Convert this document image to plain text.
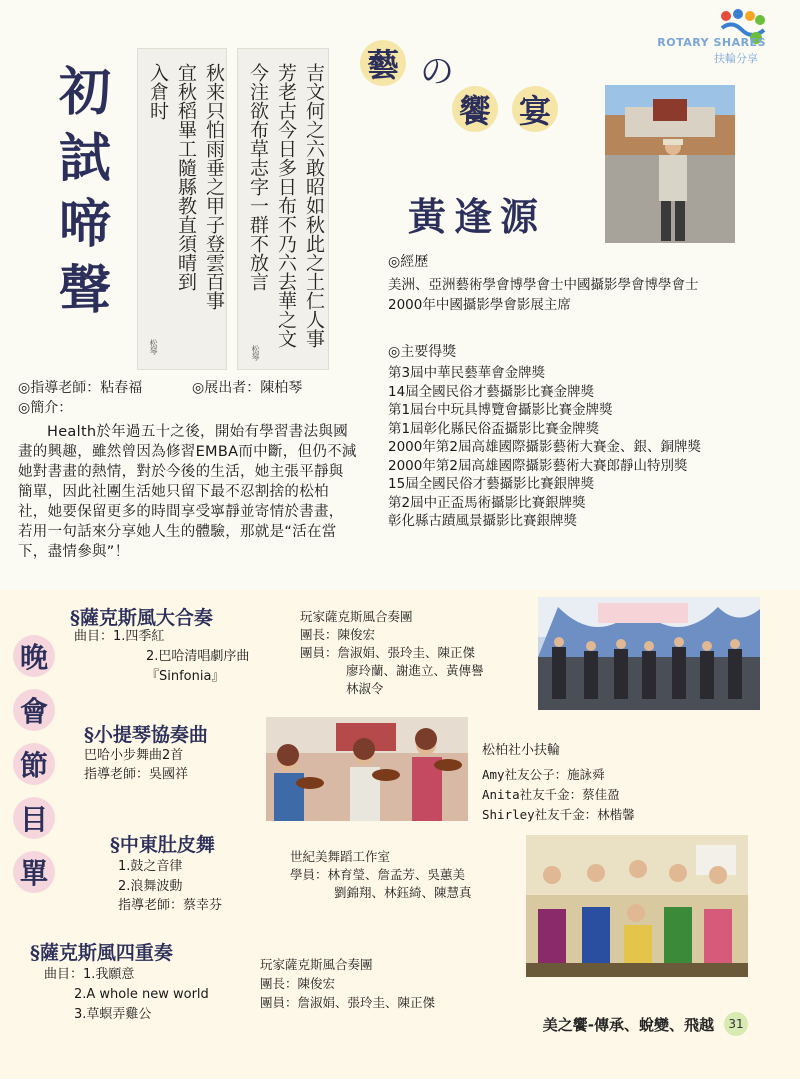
ROTARY SHARES
扶輪分享
初
試
啼
聲	秋来只怕雨垂之甲子登雲百事
宜秋稻畢工隨縣教直須晴到
入倉时
松琴	吉文何之六敢昭如秋此之土仁人事
芳老古今日多日布不乃六去華之文
今注欲布草志字一群不放言
松琴
藝 の
饗 宴
黃逢源
◎經歷
美洲、亞洲藝術學會博學會士中國攝影學會博學會士
2000年中國攝影學會影展主席
◎主要得獎
第3屆中華民藝華會金牌獎
14屆全國民俗才藝攝影比賽金牌獎
第1屆台中玩具博覽會攝影比賽金牌獎
第1屆彰化縣民俗盃攝影比賽金牌獎
2000年第2屆高雄國際攝影藝術大賽金、銀、銅牌獎
2000年第2屆高雄國際攝影藝術大賽郎靜山特別獎
15屆全國民俗才藝攝影比賽銀牌獎
第2屆中正盃馬術攝影比賽銀牌獎
彰化縣古蹟風景攝影比賽銀牌獎
◎指導老師：粘春福	◎展出者：陳柏琴
◎簡介：
Health於年過五十之後，開始有學習書法與國畫的興趣，雖然曾因為修習EMBA而中斷，但仍不減她對書畫的熱情，對於今後的生活，她主張平靜與簡單，因此社團生活她只留下最不忍割捨的松柏社，她要保留更多的時間享受寧靜並寄情於書畫，若用一句話來分享她人生的體驗，那就是“活在當下，盡情參與”！
晚
會
節
目
單
§薩克斯風大合奏
曲目：1.四季紅
2.巴哈清唱劇序曲
『Sinfonia』
玩家薩克斯風合奏團
團長：陳俊宏
團員：詹淑娟、張玲圭、陳正傑
廖玲蘭、謝進立、黃傳譽
林淑令
§小提琴協奏曲
巴哈小步舞曲2首
指導老師：吳國祥
松柏社小扶輪
Amy社友公子：施詠舜
Anita社友千金：蔡佳盈
Shirley社友千金：林楷馨
§中東肚皮舞
1.鼓之音律
2.浪舞波動
指導老師：蔡幸芬
世紀美舞蹈工作室
學員：林育瑩、詹孟芳、吳蕙美
劉錦翔、林鈺綺、陳慧真
§薩克斯風四重奏
曲目：1.我願意
2.A whole new world
3.草螟弄雞公
玩家薩克斯風合奏團
團長：陳俊宏
團員：詹淑娟、張玲圭、陳正傑
美之饗-傳承、蛻變、飛越 31
